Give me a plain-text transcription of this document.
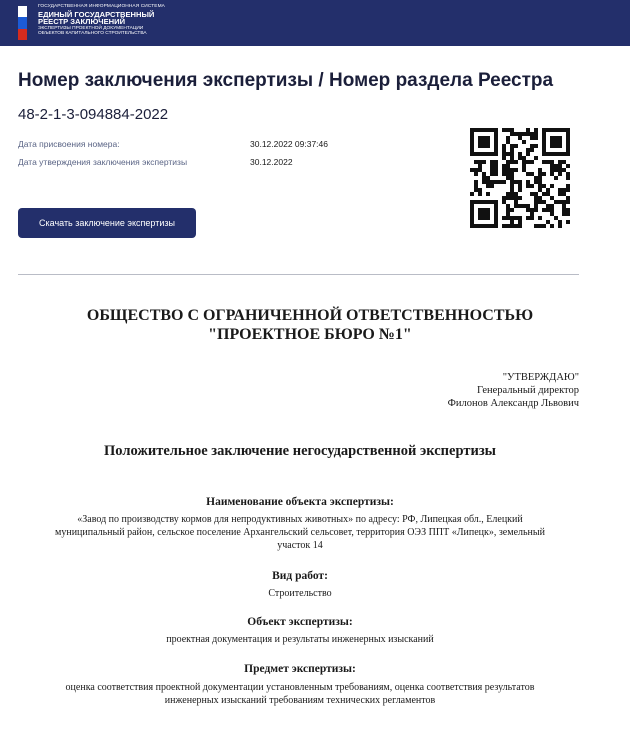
ГОСУДАРСТВЕННАЯ ИНФОРМАЦИОННАЯ СИСТЕМА
ЕДИНЫЙ ГОСУДАРСТВЕННЫЙ
РЕЕСТР ЗАКЛЮЧЕНИЙ
ЭКСПЕРТИЗЫ ПРОЕКТНОЙ ДОКУМЕНТАЦИИ
ОБЪЕКТОВ КАПИТАЛЬНОГО СТРОИТЕЛЬСТВА
Номер заключения экспертизы / Номер раздела Реестра
48-2-1-3-094884-2022
Дата присвоения номера:	30.12.2022 09:37:46
Дата утверждения заключения экспертизы	30.12.2022
Скачать заключение экспертизы
ОБЩЕСТВО С ОГРАНИЧЕННОЙ ОТВЕТСТВЕННОСТЬЮ
"ПРОЕКТНОЕ БЮРО №1"
"УТВЕРЖДАЮ"
Генеральный директор
Филонов Александр Львович
Положительное заключение негосударственной экспертизы
Наименование объекта экспертизы:
«Завод по производству кормов для непродуктивных животных» по адресу: РФ, Липецкая обл., Елецкий
муниципальный район, сельское поселение Архангельский сельсовет, территория ОЭЗ ППТ «Липецк», земельный
участок 14
Вид работ:
Строительство
Объект экспертизы:
проектная документация и результаты инженерных изысканий
Предмет экспертизы:
оценка соответствия проектной документации установленным требованиям, оценка соответствия результатов
инженерных изысканий требованиям технических регламентов
